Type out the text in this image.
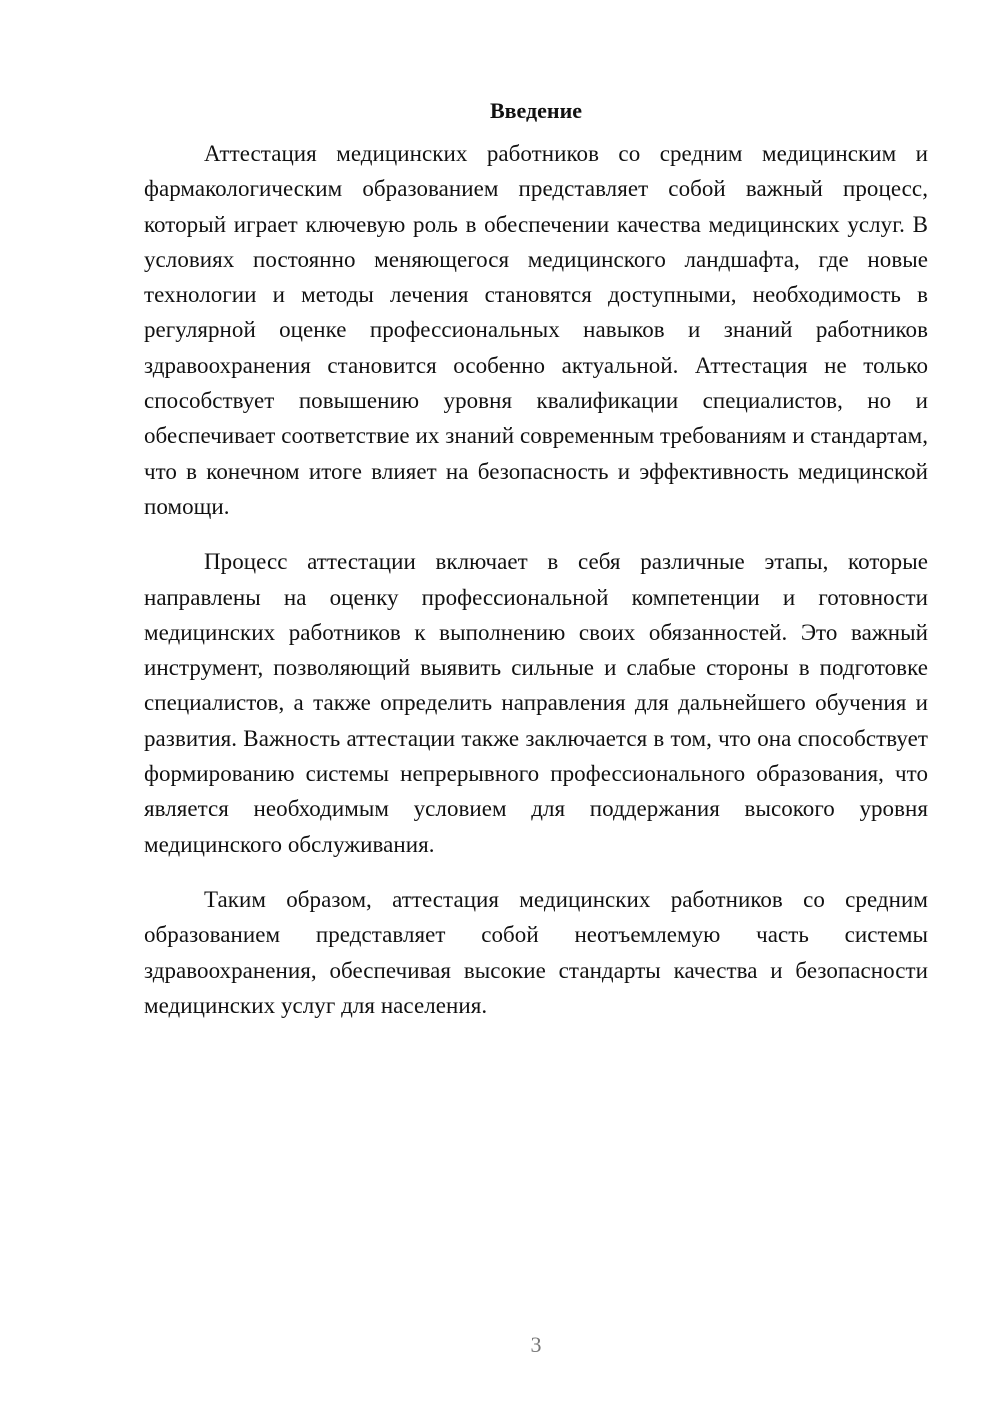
Введение

Аттестация медицинских работников со средним медицинским и фармакологическим образованием представляет собой важный процесс, который играет ключевую роль в обеспечении качества медицинских услуг. В условиях постоянно меняющегося медицинского ландшафта, где новые технологии и методы лечения становятся доступными, необходимость в регулярной оценке профессиональных навыков и знаний работников здравоохранения становится особенно актуальной. Аттестация не только способствует повышению уровня квалификации специалистов, но и обеспечивает соответствие их знаний современным требованиям и стандартам, что в конечном итоге влияет на безопасность и эффективность медицинской помощи.

Процесс аттестации включает в себя различные этапы, которые направлены на оценку профессиональной компетенции и готовности медицинских работников к выполнению своих обязанностей. Это важный инструмент, позволяющий выявить сильные и слабые стороны в подготовке специалистов, а также определить направления для дальнейшего обучения и развития. Важность аттестации также заключается в том, что она способствует формированию системы непрерывного профессионального образования, что является необходимым условием для поддержания высокого уровня медицинского обслуживания.

Таким образом, аттестация медицинских работников со средним образованием представляет собой неотъемлемую часть системы здравоохранения, обеспечивая высокие стандарты качества и безопасности медицинских услуг для населения.

3
